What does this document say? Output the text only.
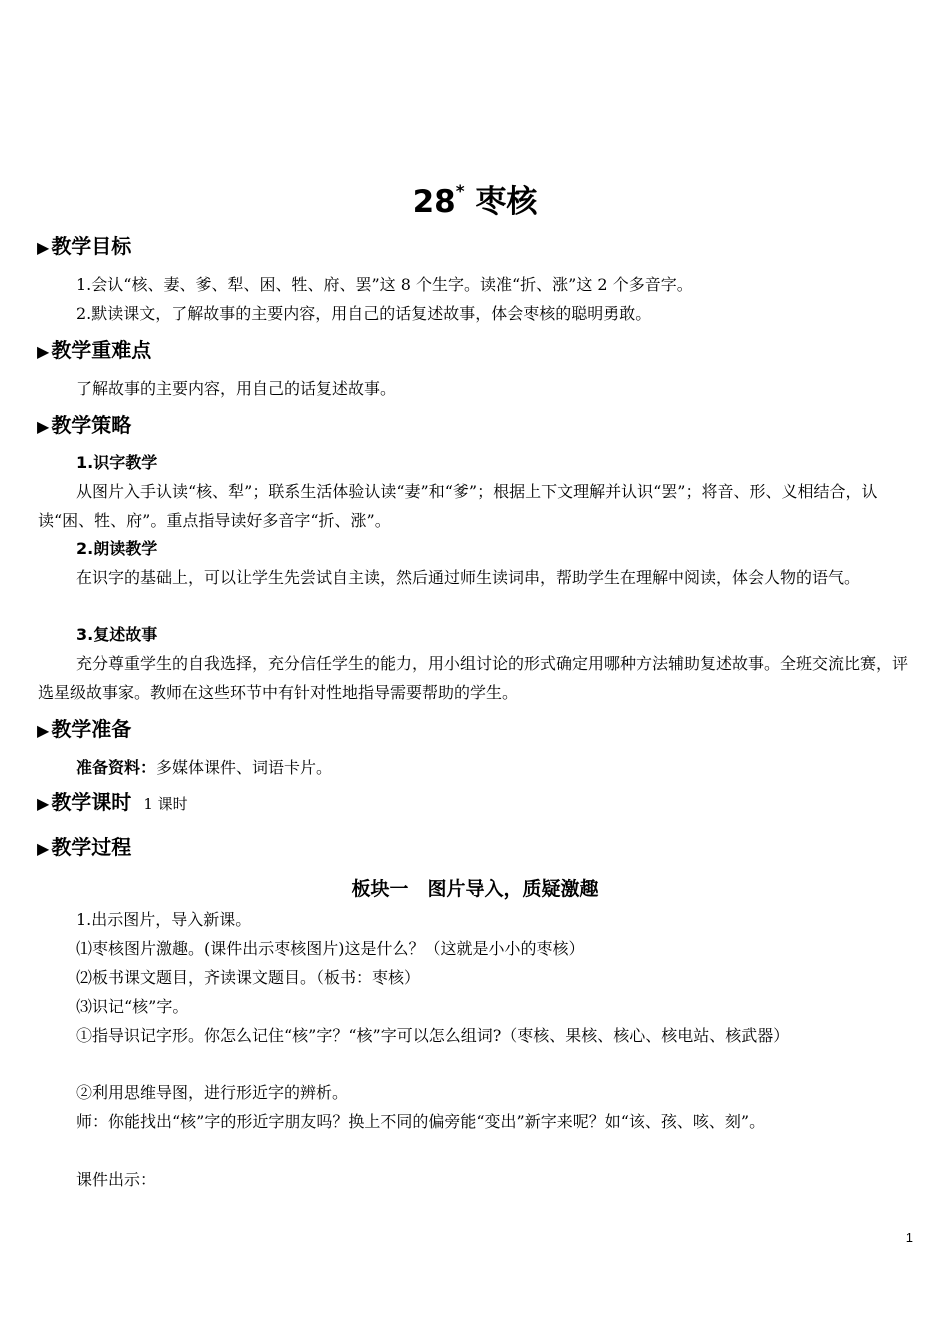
28* 枣核
▶ 教学目标
1.会认“核、妻、爹、犁、困、牲、府、罢”这 8 个生字。读准“折、涨”这 2 个多音字。
2.默读课文，了解故事的主要内容，用自己的话复述故事，体会枣核的聪明勇敢。
▶ 教学重难点
了解故事的主要内容，用自己的话复述故事。
▶ 教学策略
1.识字教学
从图片入手认读“核、犁”；联系生活体验认读“妻”和“爹”；根据上下文理解并认识“罢”；将音、形、义相结合，认读“困、牲、府”。重点指导读好多音字“折、涨”。
2.朗读教学
在识字的基础上，可以让学生先尝试自主读，然后通过师生读词串，帮助学生在理解中阅读，体会人物的语气。
3.复述故事
充分尊重学生的自我选择，充分信任学生的能力，用小组讨论的形式确定用哪种方法辅助复述故事。全班交流比赛，评选星级故事家。教师在这些环节中有针对性地指导需要帮助的学生。
▶ 教学准备
准备资料：多媒体课件、词语卡片。
▶ 教学课时 1 课时
▶ 教学过程
板块一　图片导入，质疑激趣
1.出示图片，导入新课。
⑴枣核图片激趣。(课件出示枣核图片)这是什么？（这就是小小的枣核）
⑵板书课文题目，齐读课文题目。（板书：枣核）
⑶识记“核”字。
①指导识记字形。你怎么记住“核”字？“核”字可以怎么组词?（枣核、果核、核心、核电站、核武器）
②利用思维导图，进行形近字的辨析。
师：你能找出“核”字的形近字朋友吗？换上不同的偏旁能“变出”新字来呢？如“该、孩、咳、刻”。
课件出示：
1
